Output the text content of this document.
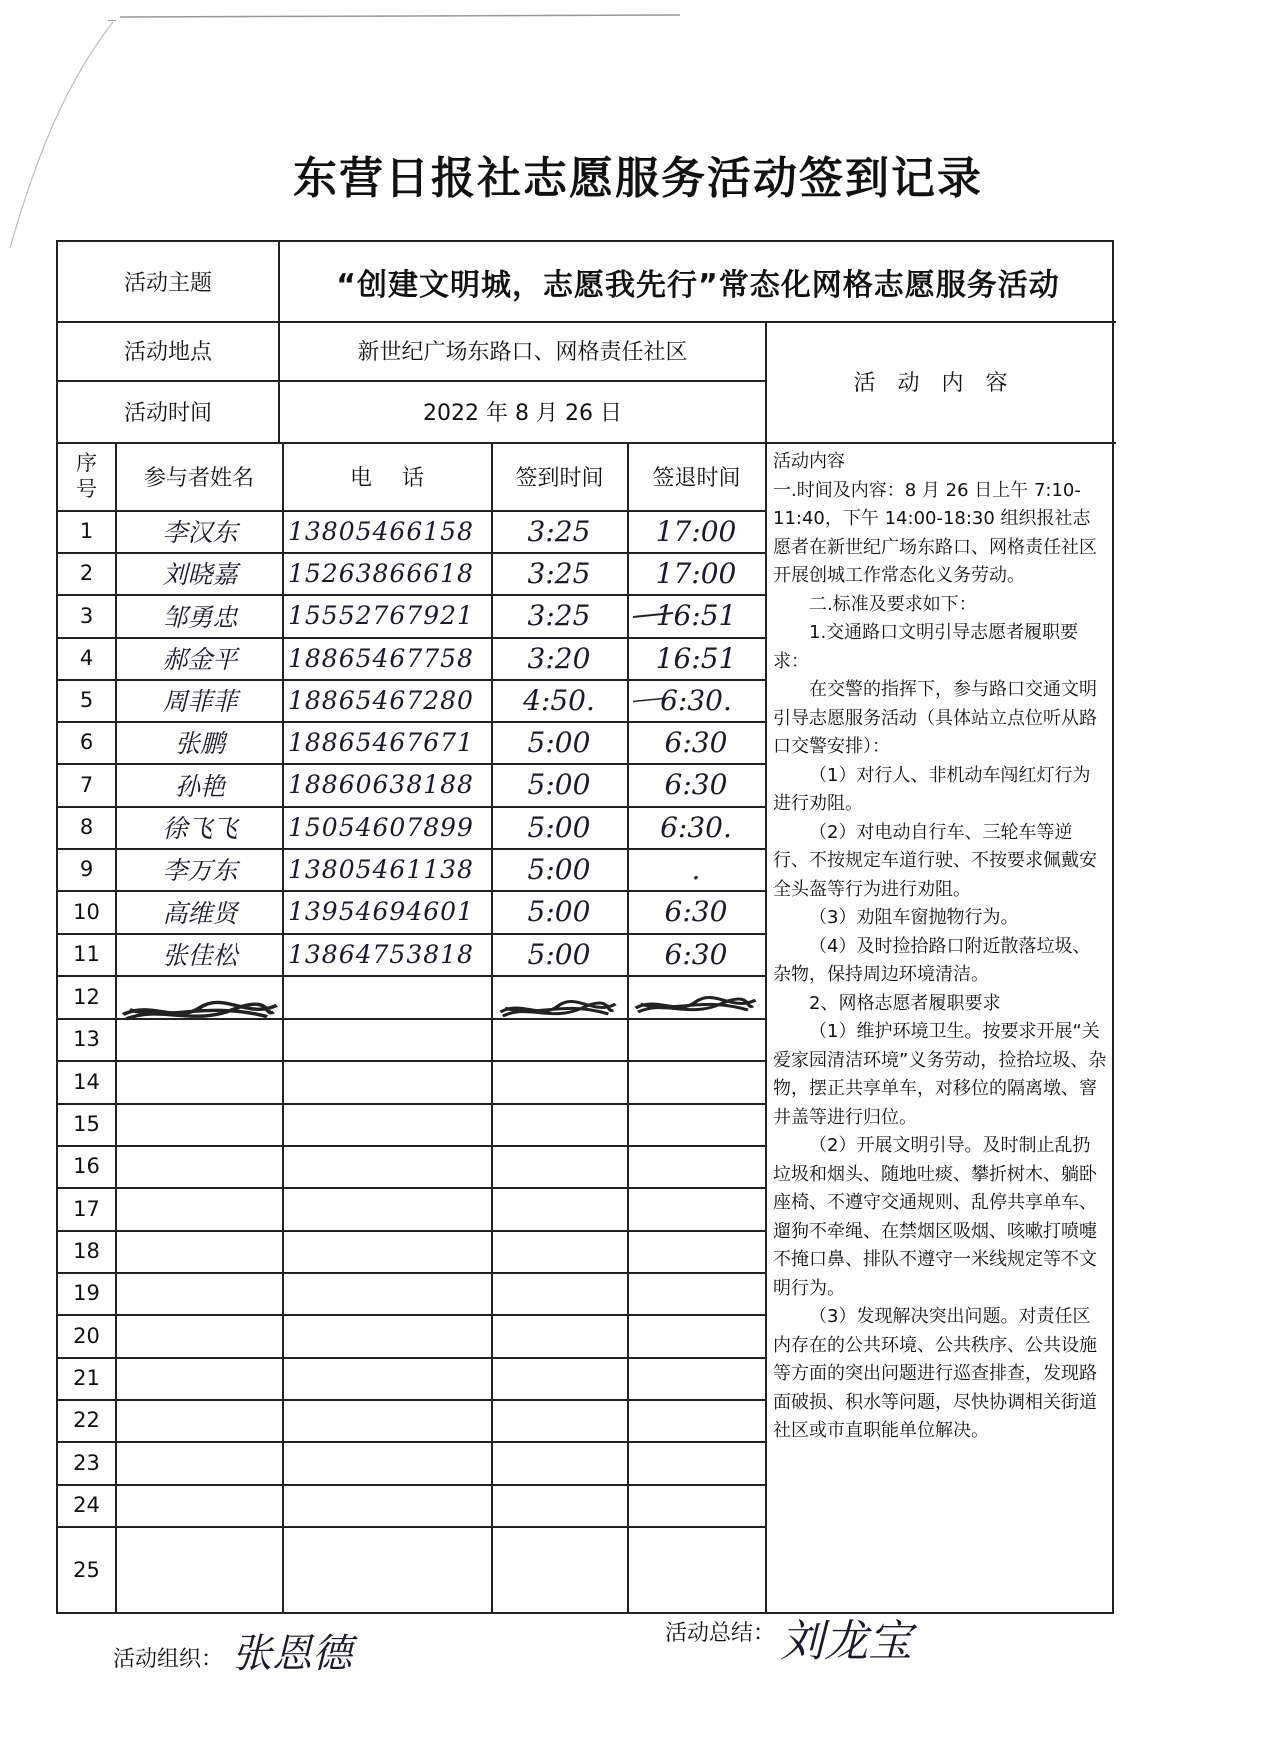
东营日报社志愿服务活动签到记录
活动主题	“创建文明城，志愿我先行”常态化网格志愿服务活动
活动地点	新世纪广场东路口、网格责任社区
活动时间	2022 年 8 月 26 日
活动内容
序号	参与者姓名	电话	签到时间	签退时间
1	李汉东	13805466158	3:25	17:00
2	刘晓嘉	15263866618	3:25	17:00
3	邹勇忠	15552767921	3:25	16:51
4	郝金平	18865467758	3:20	16:51
5	周菲菲	18865467280	4:50.	6:30.
6	张鹏	18865467671	5:00	6:30
7	孙艳	18860638188	5:00	6:30
8	徐飞飞	15054607899	5:00	6:30.
9	李万东	13805461138	5:00	.
10	高维贤	13954694601	5:00	6:30
11	张佳松	13864753818	5:00	6:30
12
13
14
15
16
17
18
19
20
21
22
23
24
25

活动内容

一.时间及内容：8 月 26 日上午 7:10-11:40，下午 14:00-18:30 组织报社志愿者在新世纪广场东路口、网格责任社区开展创城工作常态化义务劳动。

二.标准及要求如下：

1.交通路口文明引导志愿者履职要求：

在交警的指挥下，参与路口交通文明引导志愿服务活动（具体站立点位听从路口交警安排）：

（1）对行人、非机动车闯红灯行为进行劝阻。

（2）对电动自行车、三轮车等逆行、不按规定车道行驶、不按要求佩戴安全头盔等行为进行劝阻。

（3）劝阻车窗抛物行为。

（4）及时捡拾路口附近散落垃圾、杂物，保持周边环境清洁。

2、网格志愿者履职要求

（1）维护环境卫生。按要求开展“关爱家园清洁环境”义务劳动，捡拾垃圾、杂物，摆正共享单车，对移位的隔离墩、窨井盖等进行归位。

（2）开展文明引导。及时制止乱扔垃圾和烟头、随地吐痰、攀折树木、躺卧座椅、不遵守交通规则、乱停共享单车、遛狗不牵绳、在禁烟区吸烟、咳嗽打喷嚏不掩口鼻、排队不遵守一米线规定等不文明行为。

（3）发现解决突出问题。对责任区内存在的公共环境、公共秩序、公共设施等方面的突出问题进行巡查排查，发现路面破损、积水等问题，尽快协调相关街道社区或市直职能单位解决。

活动组织： 张恩德	活动总结： 刘龙宝
